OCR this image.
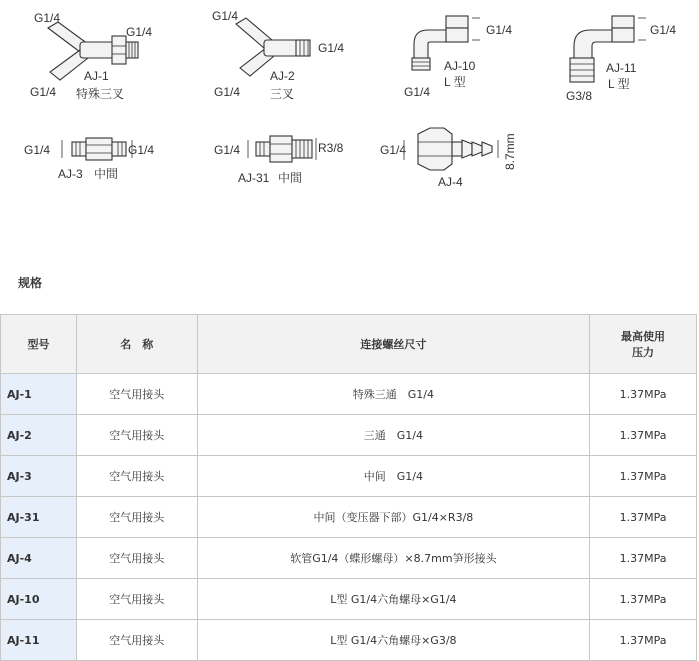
G1/4
G1/4
G1/4
AJ-1
特殊三叉
G1/4
G1/4
G1/4
AJ-2
三叉
G1/4
G1/4
AJ-10
L 型
G1/4
G3/8
AJ-11
L 型
G1/4	G1/4
AJ-3 中間
G1/4	R3/8
AJ-31 中間
G1/4	8.7mm
AJ-4
规格
型号	名　称	连接螺丝尺寸	最高使用
压力

AJ-1	空气用接头	特殊三通　G1/4	1.37MPa
AJ-2	空气用接头	三通　G1/4	1.37MPa
AJ-3	空气用接头	中间　G1/4	1.37MPa
AJ-31	空气用接头	中间（变压器下部）G1/4×R3/8	1.37MPa
AJ-4	空气用接头	软管G1/4（蝶形螺母）×8.7mm笋形接头	1.37MPa
AJ-10	空气用接头	L型 G1/4六角螺母×G1/4	1.37MPa
AJ-11	空气用接头	L型 G1/4六角螺母×G3/8	1.37MPa
